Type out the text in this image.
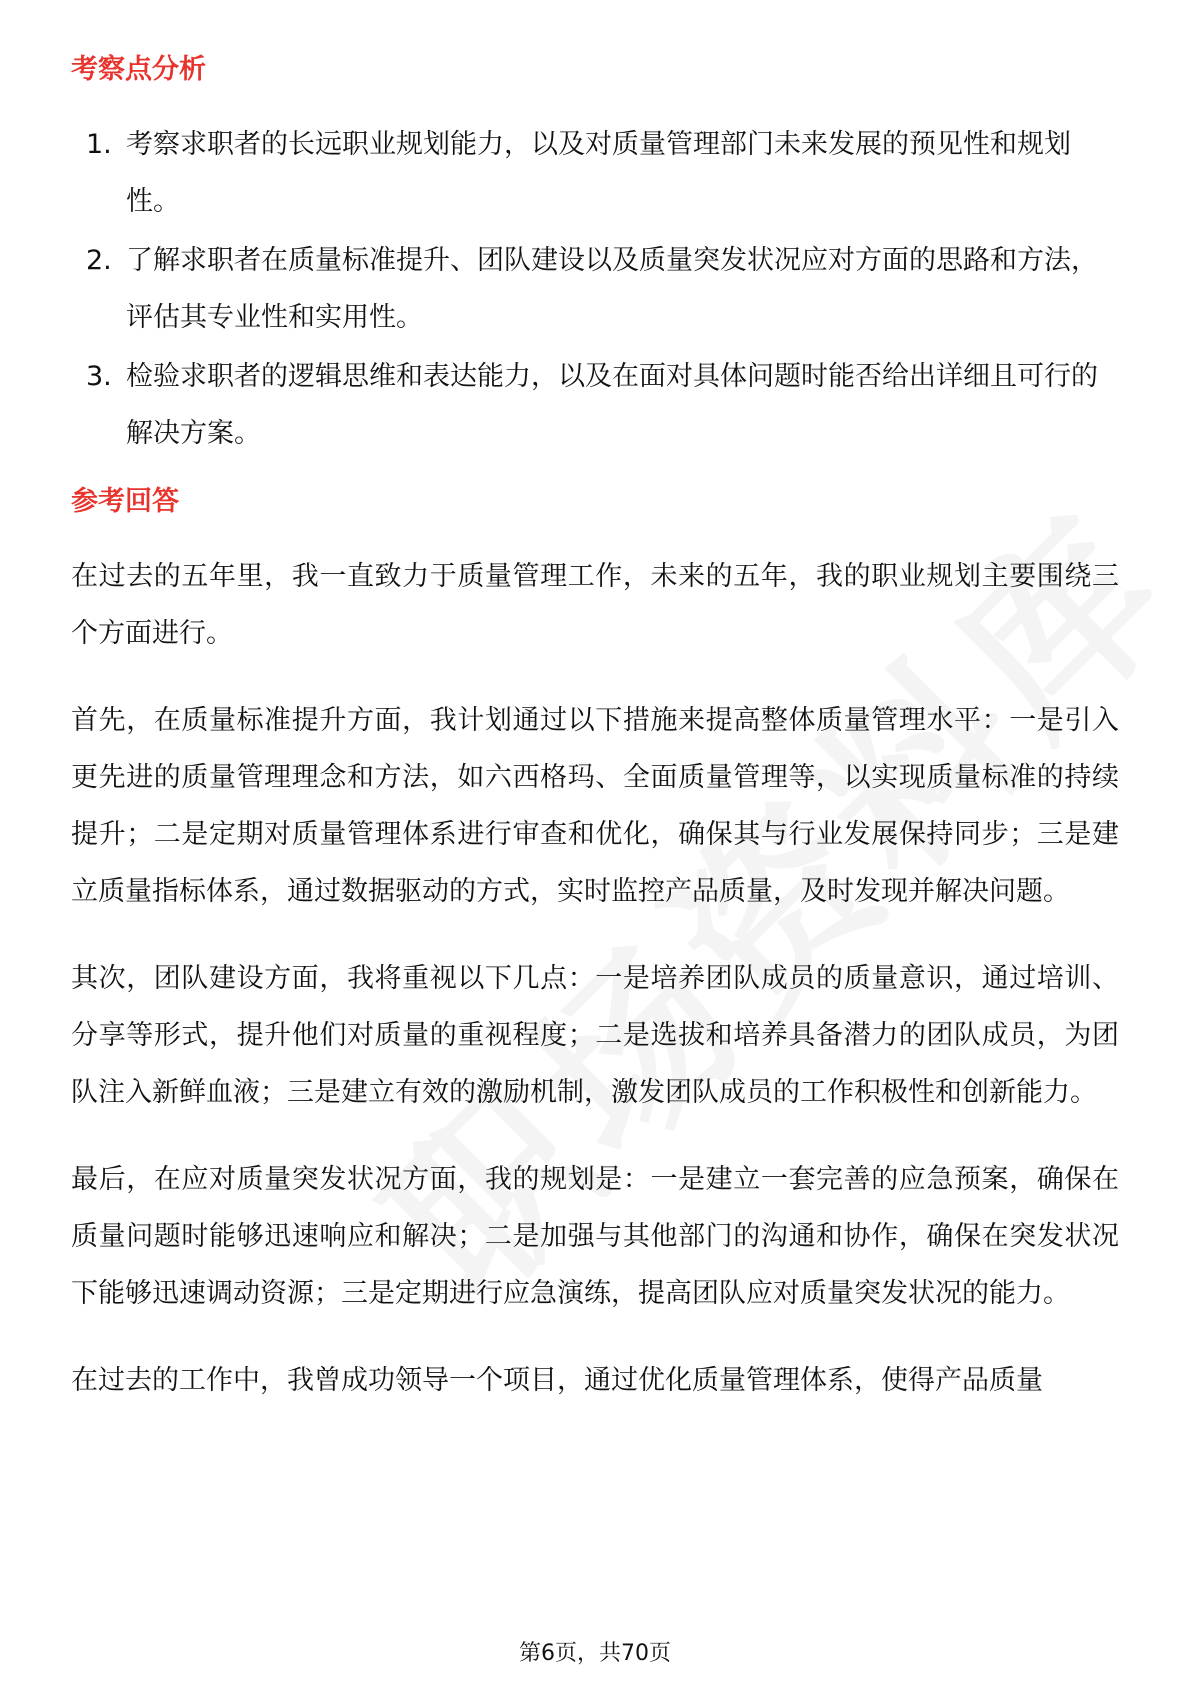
考察点分析
1. 考察求职者的长远职业规划能力，以及对质量管理部门未来发展的预见性和规划性。
2. 了解求职者在质量标准提升、团队建设以及质量突发状况应对方面的思路和方法，评估其专业性和实用性。
3. 检验求职者的逻辑思维和表达能力，以及在面对具体问题时能否给出详细且可行的解决方案。
参考回答

在过去的五年里，我一直致力于质量管理工作，未来的五年，我的职业规划主要围绕三个方面进行。

首先，在质量标准提升方面，我计划通过以下措施来提高整体质量管理水平：一是引入更先进的质量管理理念和方法，如六西格玛、全面质量管理等，以实现质量标准的持续提升；二是定期对质量管理体系进行审查和优化，确保其与行业发展保持同步；三是建立质量指标体系，通过数据驱动的方式，实时监控产品质量，及时发现并解决问题。

其次，团队建设方面，我将重视以下几点：一是培养团队成员的质量意识，通过培训、分享等形式，提升他们对质量的重视程度；二是选拔和培养具备潜力的团队成员，为团队注入新鲜血液；三是建立有效的激励机制，激发团队成员的工作积极性和创新能力。

最后，在应对质量突发状况方面，我的规划是：一是建立一套完善的应急预案，确保在质量问题时能够迅速响应和解决；二是加强与其他部门的沟通和协作，确保在突发状况下能够迅速调动资源；三是定期进行应急演练，提高团队应对质量突发状况的能力。

在过去的工作中，我曾成功领导一个项目，通过优化质量管理体系，使得产品质量

第6页，共70页
